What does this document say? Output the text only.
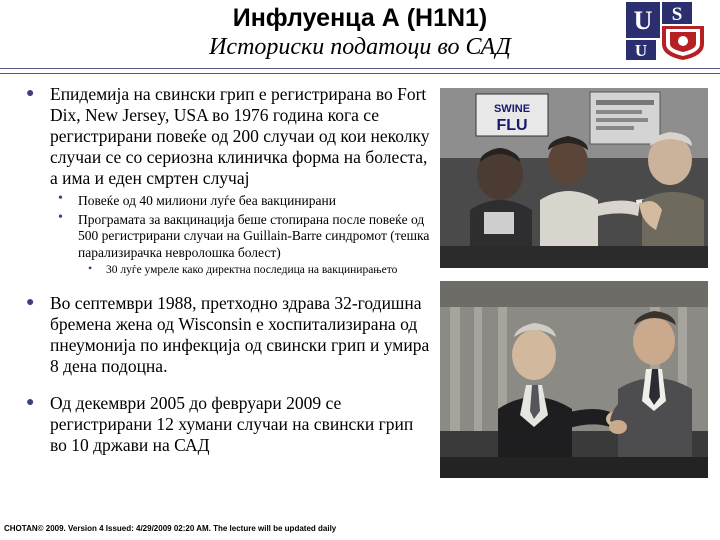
Инфлуенца А (H1N1)
Историски податоци во САД
U S
U
● Епидемија на свински грип е регистрирана во Fort Dix, New Jersey, USA во 1976 година кога се регистрирани повеќе од 200 случаи од кои неколку случаи се со сериозна клиничка форма на болеста, а има и еден смртен случај
• Повеќе од 40 милиони луѓе беа вакцинирани
• Програмата за вакцинација беше стопирана после повеќе од 500 регистрирани случаи на Guillain-Barre синдромот (тешка парализирачка невролошка болест)
• 30 луѓе умрелe како директна последица на вакцинирањето
● Во септември 1988, претходно здрава 32-годишна бремена жена од Wisconsin е хоспитализирана од пнеумонија по инфекција од свински грип и умира 8 дена подоцна.
● Од декември 2005 до февруари 2009 се регистрирани 12 хумани случаи на свински грип во 10 држави на САД
SWINE
FLU
CHOTAN© 2009. Version 4 Issued: 4/29/2009 02:20 AM. The lecture will be updated daily
